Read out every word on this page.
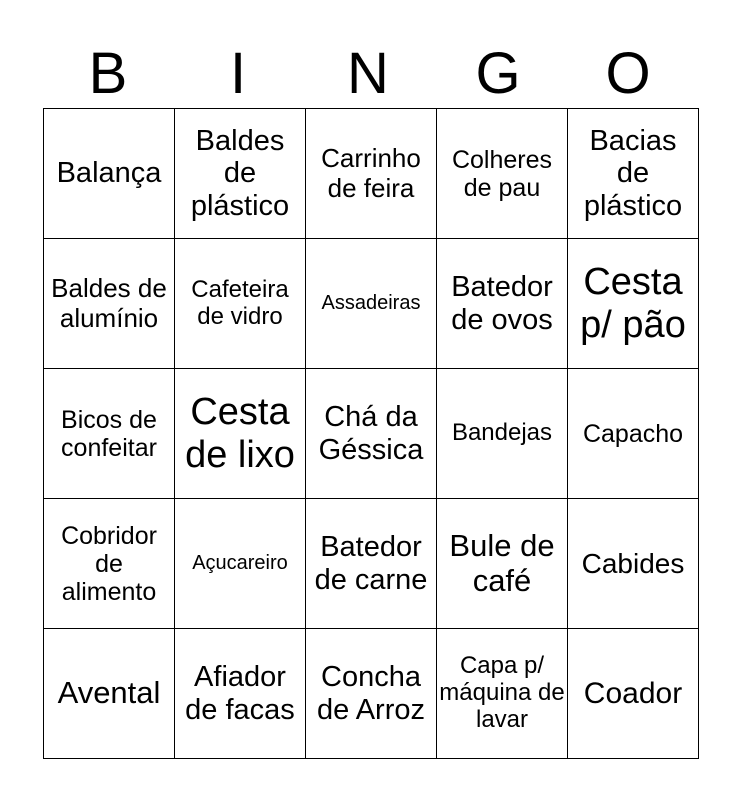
B	I	N	G	O
Balança	Baldes de plástico	Carrinho de feira	Colheres de pau	Bacias de plástico

Baldes de alumínio	Cafeteira de vidro	Assadeiras	Batedor de ovos	Cesta p/ pão

Bicos de confeitar	Cesta de lixo	Chá da Géssica	Bandejas	Capacho

Cobridor de alimento	Açucareiro	Batedor de carne	Bule de café	Cabides

Avental	Afiador de facas	Concha de Arroz	Capa p/ máquina de lavar	Coador
